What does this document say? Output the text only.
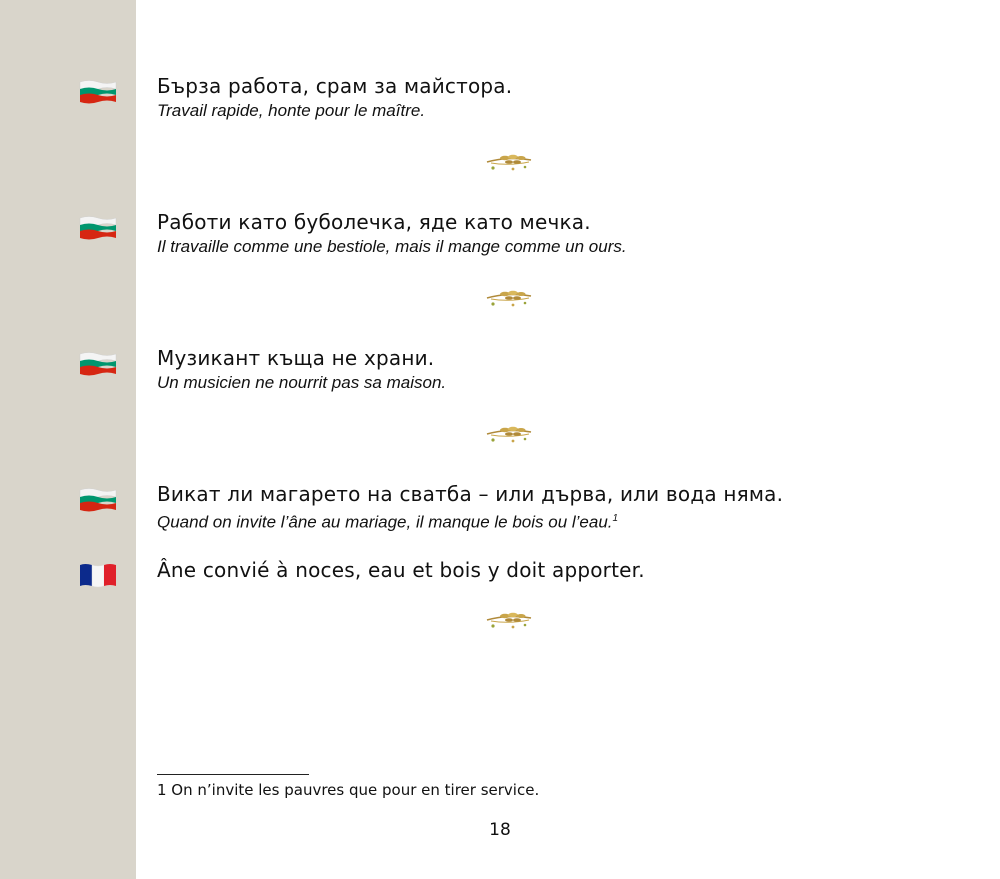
Бърза работа, срам за майстора.
Travail rapide, honte pour le maître.
Работи като буболечка, яде като мечка.
Il travaille comme une bestiole, mais il mange comme un ours.
Музикант къща не храни.
Un musicien ne nourrit pas sa maison.
Викат ли магарето на сватба – или дърва, или вода няма.
Quand on invite l’âne au mariage, il manque le bois ou l’eau.$^1$
Âne convié à noces, eau et bois y doit apporter.
1 On n’invite les pauvres que pour en tirer service.
18
